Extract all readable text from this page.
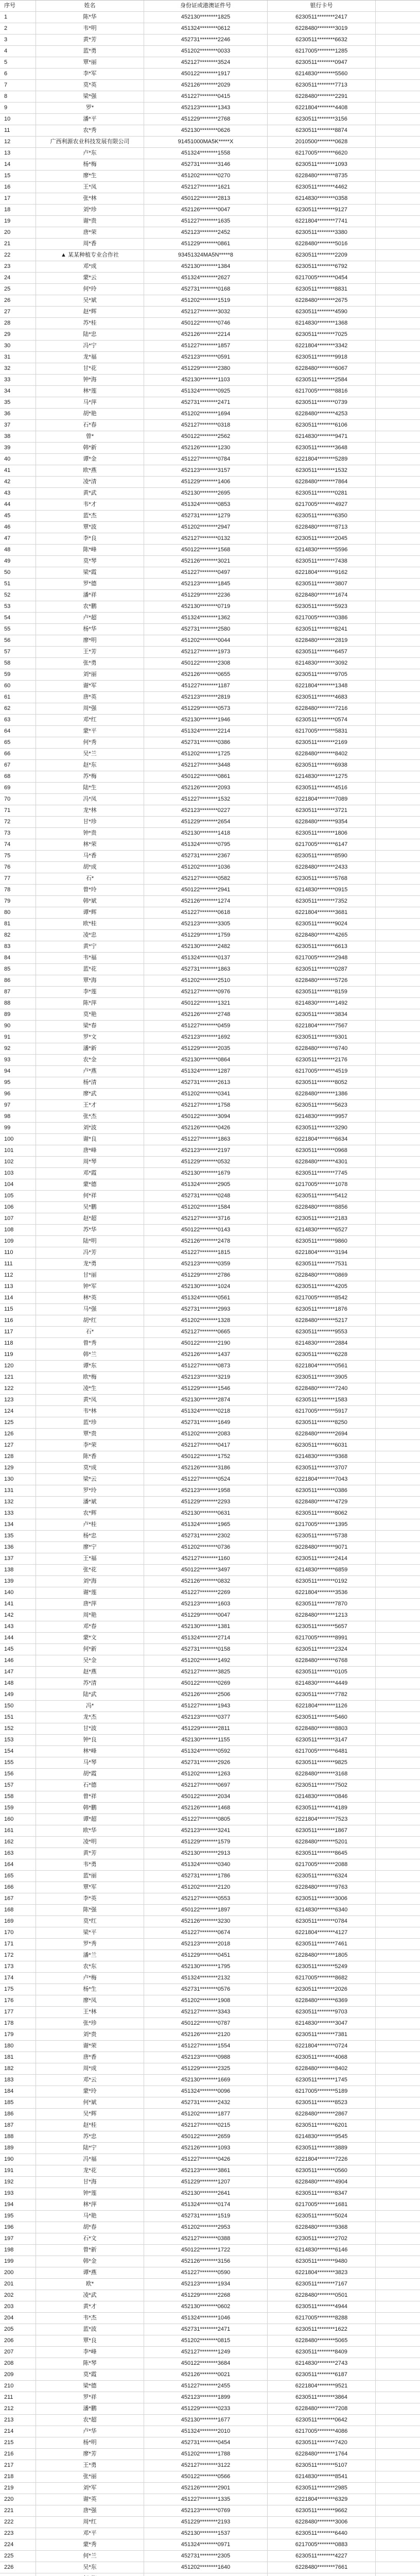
序号	姓名	身份证或港澳证件号	银行卡号
1	陈*华	452130********1825	6230511********2417
2	韦*明	451324********0612	6228480********3019
3	黄*芳	452731********2246	6230511********6632
4	蓝*勇	451202********0033	6217005********1285
5	覃*丽	452127********3524	6230511********0947
6	李*军	450122********1917	6214830********5560
7	莫*英	452126********2029	6230511********7713
8	梁*强	451227********0415	6228480********2291
9	罗*	452123********1343	6221804********4408
10	潘*平	451229********2768	6230511********3156
11	农*秀	452130********0626	6230511********8874
12	广西利源农业科技发展有限公司	91451000MA5K*****X	2010500********0628
13	卢*东	451324********1558	6217005********6620
14	杨*梅	452731********3146	6230511********1093
15	廖*生	451202********0270	6228480********8735
16	王*凤	452127********1621	6230511********4462
17	张*林	450122********2813	6214830********0358
18	刘*珍	452126********0047	6230511********9127
19	谢*贵	451227********1635	6221804********7741
20	唐*荣	452123********2452	6230511********3380
21	周*香	451229********0861	6228480********5016
22	▲ 某某种植专业合作社	93451324MA5N*****8	6230511********2209
23	邓*成	452130********1384	6230511********6792
24	蒙*云	451324********2627	6217005********0454
25	何*玲	452731********0168	6230511********8831
26	吴*斌	451202********1519	6228480********2675
27	赵*辉	452127********3032	6230511********4590
28	苏*桂	450122********0746	6214830********1368
29	陆*忠	452126********2214	6230511********7025
30	冯*宁	451227********1857	6221804********3342
31	龙*福	452123********0591	6230511********9918
32	甘*花	451229********2380	6228480********6067
33	钟*海	452130********1103	6230511********2584
34	林*莲	451324********0925	6217005********8816
35	马*萍	452731********2471	6230511********0739
36	胡*艳	451202********1694	6228480********4253
37	石*春	452127********0318	6230511********6106
38	曾*	450122********2562	6214830********9471
39	韩*新	452126********1230	6230511********3648
40	谭*金	451227********0784	6221804********5289
41	欧*燕	452123********3157	6230511********1532
42	凌*清	451229********1406	6228480********7864
43	黄*武	452130********2695	6230511********0281
44	韦*才	451324********0853	6217005********4927
45	蓝*杰	452731********1279	6230511********6350
46	覃*波	451202********2947	6228480********8713
47	李*良	452127********0132	6230511********2045
48	陈*峰	450122********1568	6214830********5596
49	莫*琴	452126********3021	6230511********7438
50	梁*霞	451227********0497	6221804********9162
51	罗*德	452123********1845	6230511********3807
52	潘*祥	451229********2236	6228480********1674
53	农*鹏	452130********0719	6230511********5923
54	卢*超	451324********1362	6217005********0386
55	杨*华	452731********2580	6230511********8241
56	廖*明	451202********0044	6228480********2819
57	王*芳	452127********1973	6230511********6457
58	张*勇	450122********2308	6214830********3092
59	刘*丽	452126********0655	6230511********9705
60	谢*军	451227********1187	6221804********1348
61	唐*英	452123********2819	6230511********4683
62	周*强	451229********0573	6228480********7216
63	邓*红	452130********1946	6230511********0574
64	蒙*平	451324********2214	6217005********5831
65	何*秀	452731********0386	6230511********2169
66	吴*兰	451202********1725	6228480********8402
67	赵*东	452127********3448	6230511********6938
68	苏*梅	450122********0861	6214830********1275
69	陆*生	452126********2093	6230511********4516
70	冯*凤	451227********1532	6221804********7089
71	龙*林	452123********0227	6230511********3721
72	甘*珍	451229********2654	6228480********9354
73	钟*贵	452130********1418	6230511********1806
74	林*荣	451324********0795	6217005********6147
75	马*香	452731********2367	6230511********8590
76	胡*成	451202********1036	6228480********2433
77	石*	452127********0582	6230511********5768
78	曾*玲	450122********2941	6214830********0915
79	韩*斌	452126********1274	6230511********7352
80	谭*辉	451227********0618	6221804********3681
81	欧*桂	452123********3305	6230511********9024
82	凌*忠	451229********1759	6228480********4265
83	黄*宁	452130********2482	6230511********6613
84	韦*福	451324********0137	6217005********2948
85	蓝*花	452731********1863	6230511********0287
86	覃*海	451202********2510	6228480********5726
87	李*莲	452127********0976	6230511********8159
88	陈*萍	450122********1321	6214830********1492
89	莫*艳	452126********2748	6230511********3834
90	梁*春	451227********0459	6221804********7567
91	罗*文	452123********1692	6230511********9301
92	潘*新	451229********2035	6228480********6740
93	农*金	452130********0864	6230511********2176
94	卢*燕	451324********1287	6217005********4519
95	杨*清	452731********2613	6230511********8052
96	廖*武	451202********0341	6228480********1386
97	王*才	452127********1758	6230511********5623
98	张*杰	450122********3094	6214830********9957
99	刘*波	452126********0426	6230511********3290
100	谢*良	451227********1863	6221804********6634
101	唐*峰	452123********2197	6230511********0968
102	周*琴	451229********0532	6228480********4301
103	邓*霞	452130********1679	6230511********7745
104	蒙*德	451324********2905	6217005********1078
105	何*祥	452731********0248	6230511********5412
106	吴*鹏	451202********1584	6228480********8856
107	赵*超	452127********3716	6230511********2183
108	苏*华	450122********0143	6214830********6527
109	陆*明	452126********2478	6230511********9860
110	冯*芳	451227********1815	6221804********3194
111	龙*勇	452123********0359	6230511********7531
112	甘*丽	451229********2786	6228480********0869
113	钟*军	452130********1024	6230511********4205
114	林*英	451324********0561	6217005********8542
115	马*强	452731********2993	6230511********1876
116	胡*红	451202********1328	6228480********5217
117	石*	452127********0665	6230511********9553
118	曾*秀	450122********2190	6214830********2884
119	韩*兰	452126********1437	6230511********6228
120	谭*东	451227********0873	6221804********0561
121	欧*梅	452123********3219	6230511********3905
122	凌*生	451229********1546	6228480********7240
123	黄*凤	452130********2874	6230511********1583
124	韦*林	451324********0218	6217005********5917
125	蓝*珍	452731********1649	6230511********8250
126	覃*贵	451202********2083	6228480********2694
127	李*荣	452127********0417	6230511********6031
128	陈*香	450122********1752	6214830********9368
129	莫*成	452126********3186	6230511********3707
130	梁*云	451227********0524	6221804********7043
131	罗*玲	452123********1958	6230511********0386
132	潘*斌	451229********2293	6228480********4729
133	农*辉	452130********0631	6230511********8062
134	卢*桂	451324********1965	6217005********1395
135	杨*忠	452731********2302	6230511********5738
136	廖*宁	451202********0736	6228480********9071
137	王*福	452127********1160	6230511********2414
138	张*花	450122********3497	6214830********6859
139	刘*海	452126********0832	6230511********0192
140	谢*莲	451227********2269	6221804********3536
141	唐*萍	452123********1603	6230511********7870
142	周*艳	451229********0047	6228480********1213
143	邓*春	452130********1381	6230511********5657
144	蒙*文	451324********2714	6217005********8991
145	何*新	452731********0158	6230511********2324
146	吴*金	451202********1492	6228480********6768
147	赵*燕	452127********3825	6230511********0105
148	苏*清	450122********0269	6214830********4449
149	陆*武	452126********2506	6230511********7782
150	冯*	451227********1943	6221804********1126
151	龙*杰	452123********0377	6230511********5460
152	甘*波	451229********2811	6228480********8803
153	钟*良	452130********1155	6230511********3147
154	林*峰	451324********0592	6217005********6481
155	马*琴	452731********2926	6230511********9825
156	胡*霞	451202********1263	6228480********3168
157	石*德	452127********0697	6230511********7502
158	曾*祥	450122********2034	6214830********0846
159	韩*鹏	452126********1468	6230511********4189
160	谭*超	451227********0805	6221804********7523
161	欧*华	452123********3241	6230511********1867
162	凌*明	451229********1579	6228480********5201
163	黄*芳	452130********2913	6230511********8645
164	韦*勇	451324********0340	6217005********2088
165	蓝*丽	452731********1786	6230511********6324
166	覃*军	451202********2120	6228480********9763
167	李*英	452127********0553	6230511********3006
168	陈*强	450122********1897	6214830********6340
169	莫*红	452126********3230	6230511********0784
170	梁*平	451227********0674	6221804********4127
171	罗*秀	452123********2018	6230511********7461
172	潘*兰	451229********0451	6228480********1805
173	农*东	452130********1795	6230511********5249
174	卢*梅	451324********2132	6217005********8682
175	杨*生	452731********0576	6230511********2026
176	廖*凤	451202********1908	6228480********6369
177	王*林	452127********3343	6230511********9703
178	张*珍	450122********0787	6214830********3047
179	刘*贵	452126********2120	6230511********7381
180	谢*荣	451227********1554	6221804********0724
181	唐*香	452123********0988	6230511********4068
182	周*成	451229********2325	6228480********8402
183	邓*云	452130********1669	6230511********1745
184	蒙*玲	451324********0096	6217005********5189
185	何*斌	452731********2432	6230511********8523
186	吴*辉	451202********1877	6228480********2867
187	赵*桂	452127********0215	6230511********6201
188	苏*忠	450122********2659	6214830********9545
189	陆*宁	452126********1093	6230511********3889
190	冯*福	451227********0426	6221804********7226
191	龙*花	452123********3861	6230511********0560
192	甘*海	451229********1207	6228480********4904
193	钟*莲	452130********2641	6230511********8347
194	林*萍	451324********0174	6217005********1681
195	马*艳	452731********1519	6230511********5024
196	胡*春	451202********2953	6228480********9368
197	石*文	452127********0388	6230511********2702
198	曾*新	450122********1722	6214830********6146
199	韩*金	452126********3156	6230511********9480
200	谭*燕	451227********0590	6221804********3823
201	欧*	452123********1934	6230511********7167
202	凌*武	451229********2268	6228480********0501
203	黄*才	452130********0602	6230511********4944
204	韦*杰	451324********1046	6217005********8288
205	蓝*波	452731********2471	6230511********1622
206	覃*良	451202********0815	6228480********5065
207	李*峰	452127********1249	6230511********8409
208	陈*琴	450122********3684	6214830********2743
209	莫*霞	452126********0021	6230511********6187
210	梁*德	451227********2455	6221804********9521
211	罗*祥	452123********1899	6230511********3864
212	潘*鹏	451229********0233	6228480********7208
213	农*超	452130********1677	6230511********0642
214	卢*华	451324********2010	6217005********4086
215	杨*明	452731********0454	6230511********7420
216	廖*芳	451202********1788	6228480********1764
217	王*勇	452127********3122	6230511********5107
218	张*丽	450122********0566	6214830********8541
219	刘*军	452126********2901	6230511********2985
220	谢*英	451227********1335	6221804********6329
221	唐*强	452123********0769	6230511********9662
222	周*红	451229********2193	6228480********3006
223	邓*平	452130********1537	6230511********6440
224	蒙*秀	451324********0971	6217005********0883
225	何*兰	452731********2305	6230511********4227
226	吴*东	451202********1640	6228480********7661
